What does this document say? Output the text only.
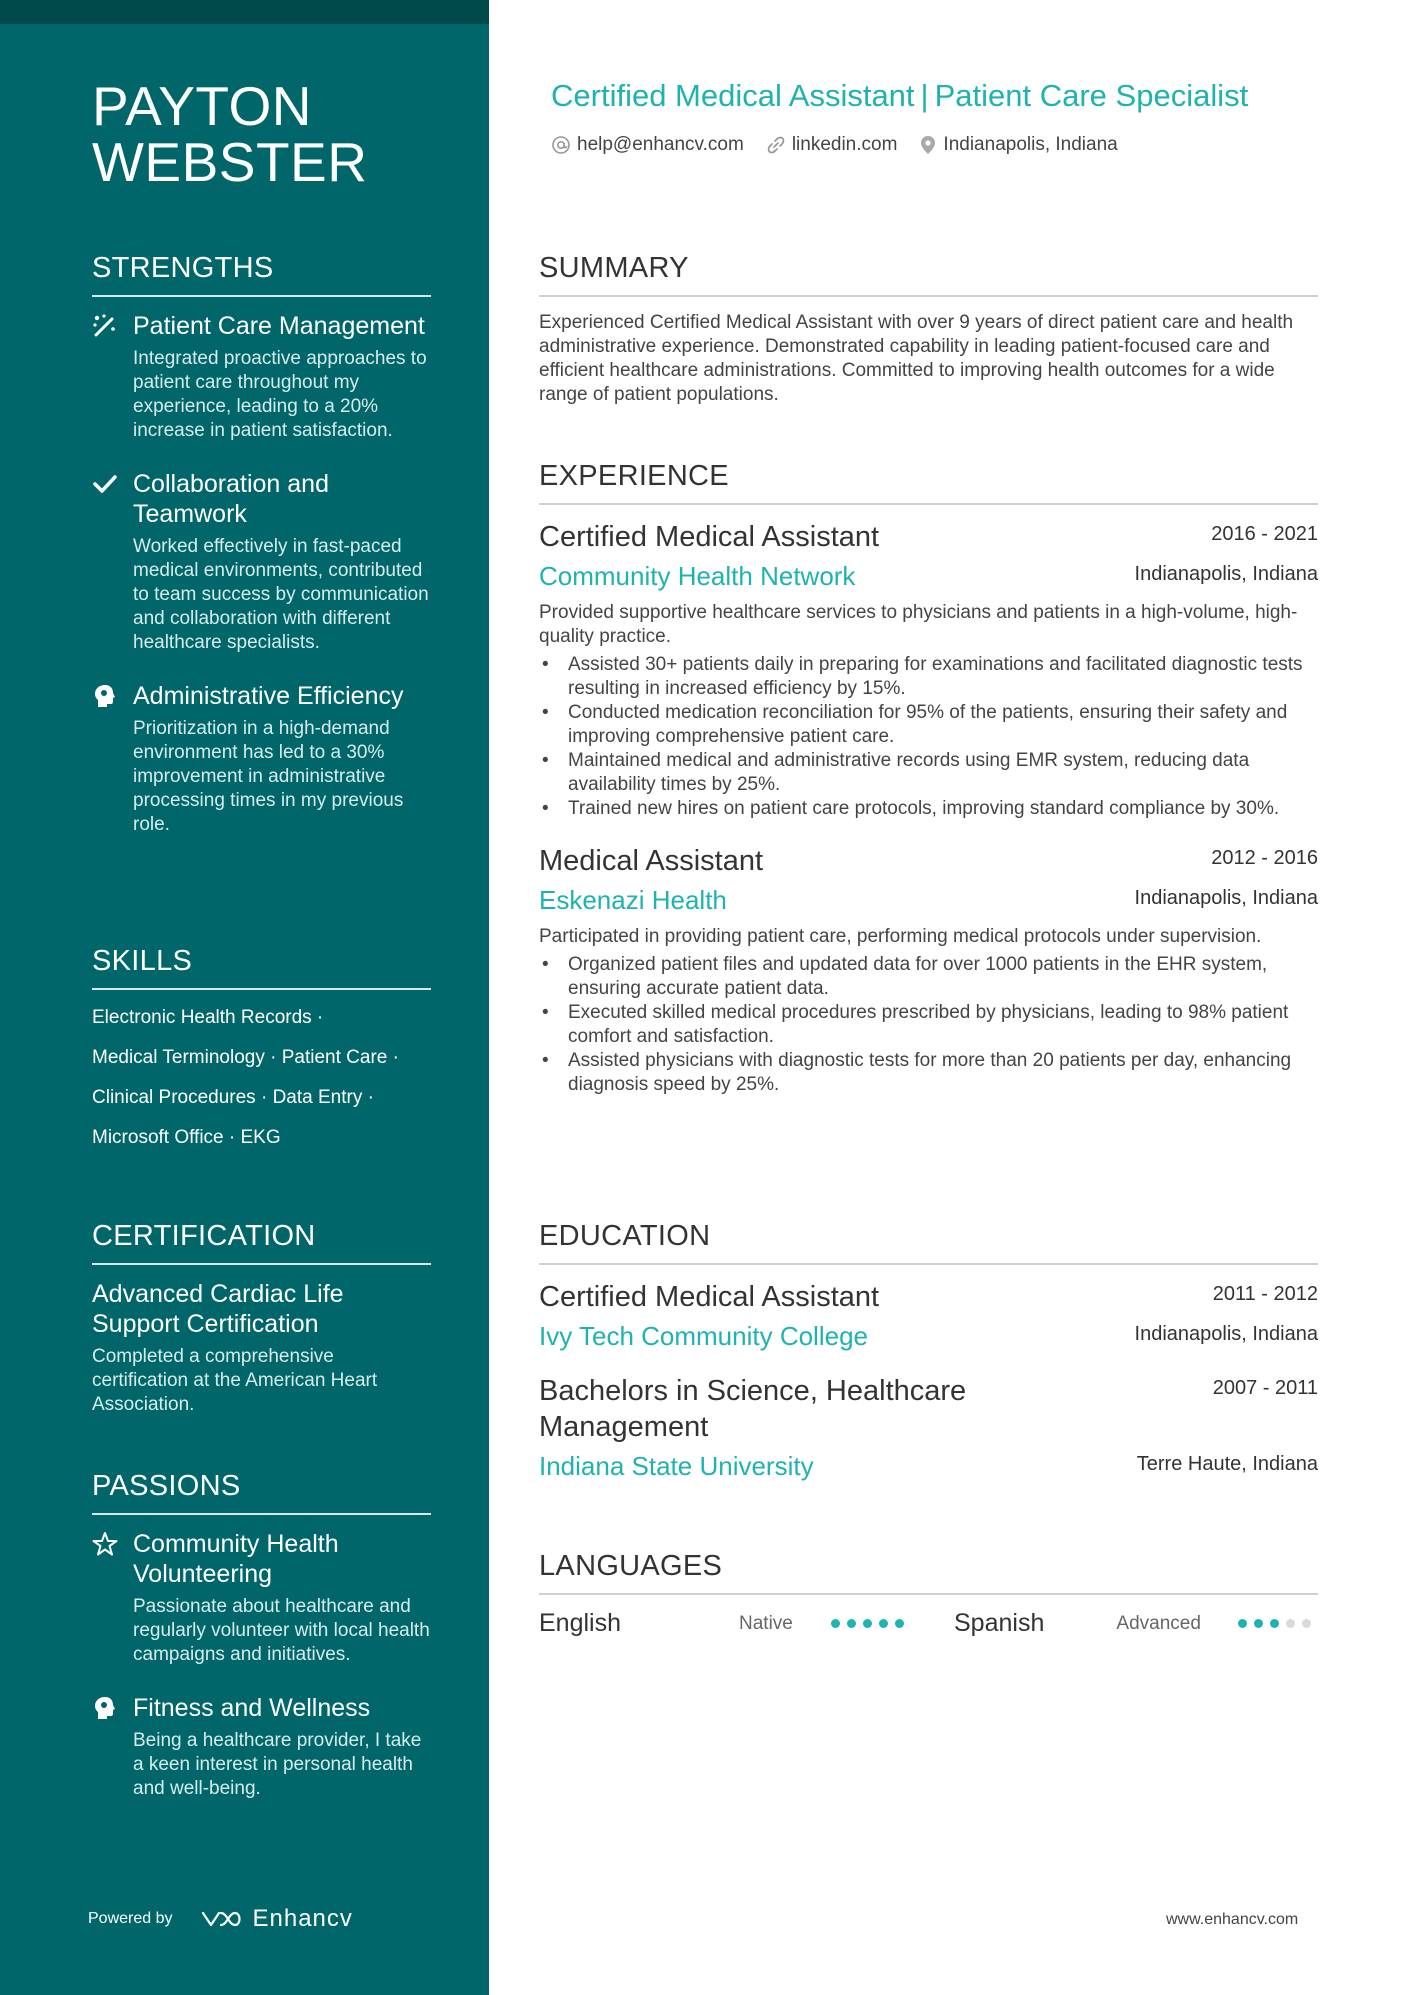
PAYTON
WEBSTER
STRENGTHS
Patient Care Management
Integrated proactive approaches to patient care throughout my experience, leading to a 20% increase in patient satisfaction.
Collaboration and Teamwork
Worked effectively in fast-paced medical environments, contributed to team success by communication and collaboration with different healthcare specialists.
Administrative Efficiency
Prioritization in a high-demand environment has led to a 30% improvement in administrative processing times in my previous role.
SKILLS
Electronic Health Records ·
Medical Terminology · Patient Care ·
Clinical Procedures · Data Entry ·
Microsoft Office · EKG
CERTIFICATION
Advanced Cardiac Life Support Certification
Completed a comprehensive certification at the American Heart Association.
PASSIONS
Community Health Volunteering
Passionate about healthcare and regularly volunteer with local health campaigns and initiatives.
Fitness and Wellness
Being a healthcare provider, I take a keen interest in personal health and well-being.
Powered by	Enhancv
Certified Medical Assistant | Patient Care Specialist
help@enhancv.com	linkedin.com Indianapolis, Indiana
SUMMARY
Experienced Certified Medical Assistant with over 9 years of direct patient care and health administrative experience. Demonstrated capability in leading patient-focused care and efficient healthcare administrations. Committed to improving health outcomes for a wide range of patient populations.
EXPERIENCE
Certified Medical Assistant	2016 - 2021
Community Health Network	Indianapolis, Indiana
Provided supportive healthcare services to physicians and patients in a high-volume, high-quality practice.
• Assisted 30+ patients daily in preparing for examinations and facilitated diagnostic tests resulting in increased efficiency by 15%.
• Conducted medication reconciliation for 95% of the patients, ensuring their safety and improving comprehensive patient care.
• Maintained medical and administrative records using EMR system, reducing data availability times by 25%.
• Trained new hires on patient care protocols, improving standard compliance by 30%.
Medical Assistant	2012 - 2016
Eskenazi Health	Indianapolis, Indiana
Participated in providing patient care, performing medical protocols under supervision.
• Organized patient files and updated data for over 1000 patients in the EHR system, ensuring accurate patient data.
• Executed skilled medical procedures prescribed by physicians, leading to 98% patient comfort and satisfaction.
• Assisted physicians with diagnostic tests for more than 20 patients per day, enhancing diagnosis speed by 25%.
EDUCATION
Certified Medical Assistant	2011 - 2012
Ivy Tech Community College	Indianapolis, Indiana
Bachelors in Science, Healthcare Management
2007 - 2011
Indiana State University	Terre Haute, Indiana
LANGUAGES
English	Native	Spanish	Advanced
www.enhancv.com
